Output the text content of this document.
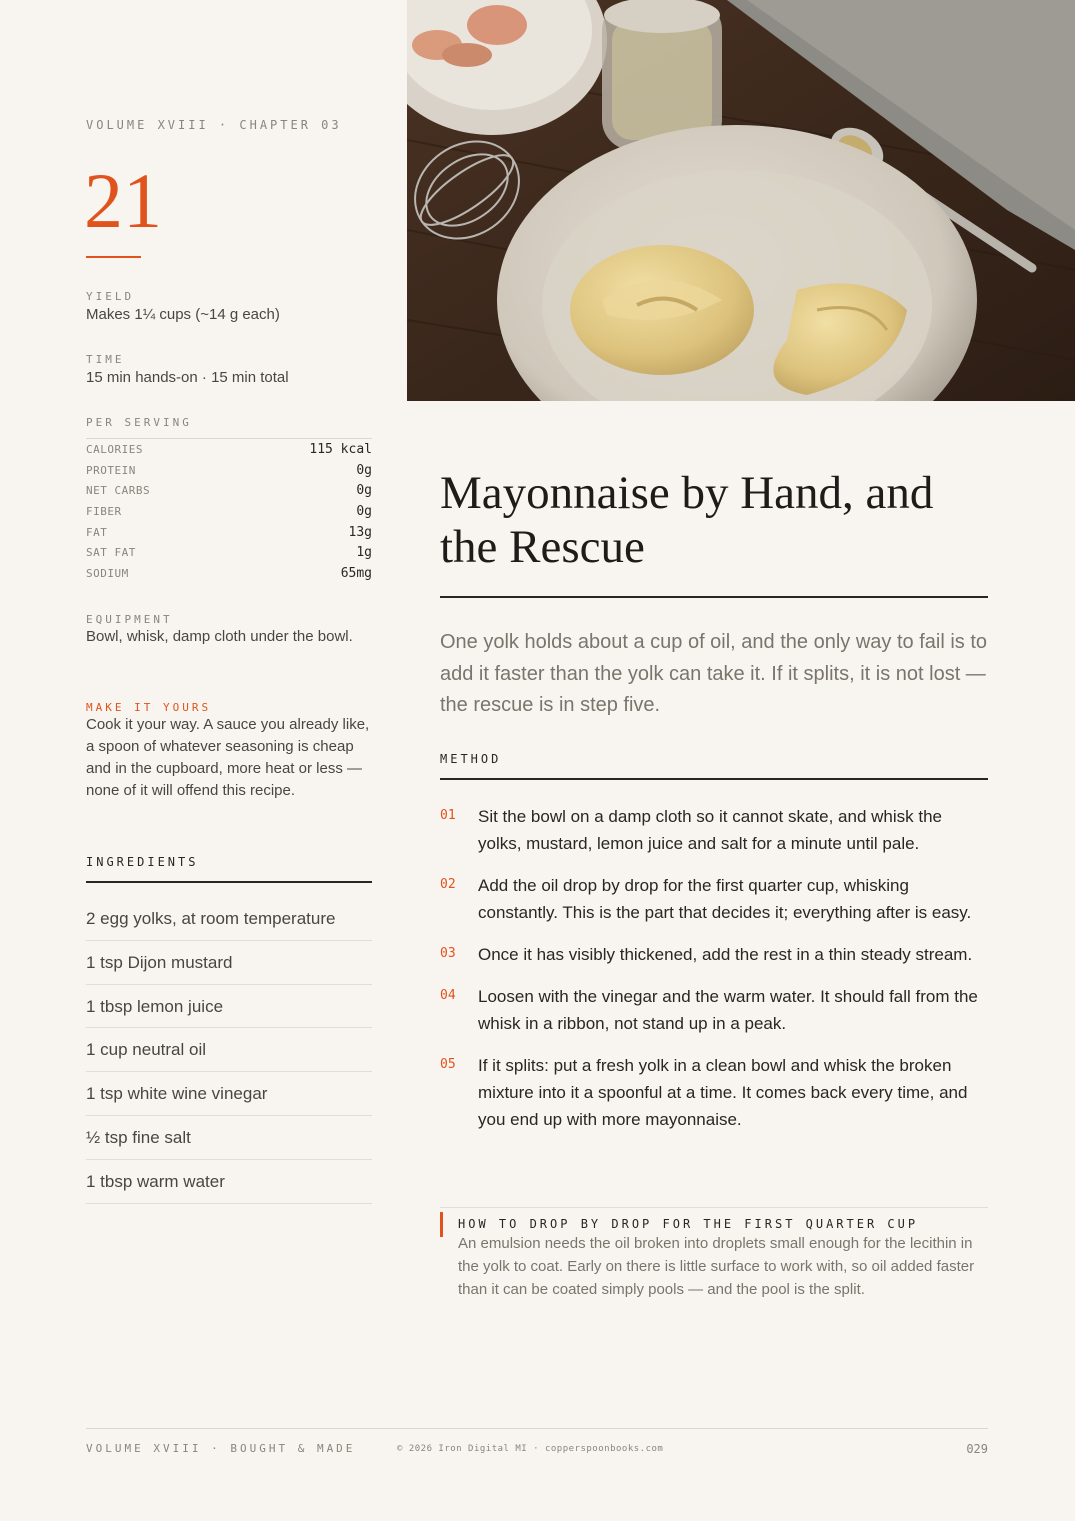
VOLUME XVIII · CHAPTER 03
21
YIELD
Makes 1¼ cups (~14 g each)
TIME
15 min hands-on · 15 min total
PER SERVING
CALORIES	115 kcal
PROTEIN	0g
NET CARBS	0g
FIBER	0g
FAT	13g
SAT FAT	1g
SODIUM	65mg
EQUIPMENT
Bowl, whisk, damp cloth under the bowl.
MAKE IT YOURS
Cook it your way. A sauce you already like, a spoon of whatever seasoning is cheap and in the cupboard, more heat or less — none of it will offend this recipe.
INGREDIENTS
2 egg yolks, at room temperature
1 tsp Dijon mustard
1 tbsp lemon juice
1 cup neutral oil
1 tsp white wine vinegar
½ tsp fine salt
1 tbsp warm water
Mayonnaise by Hand, and the Rescue

One yolk holds about a cup of oil, and the only way to fail is to add it faster than the yolk can take it. If it splits, it is not lost — the rescue is in step five.

METHOD
01	Sit the bowl on a damp cloth so it cannot skate, and whisk the yolks, mustard, lemon juice and salt for a minute until pale.
02	Add the oil drop by drop for the first quarter cup, whisking constantly. This is the part that decides it; everything after is easy.
03	Once it has visibly thickened, add the rest in a thin steady stream.
04	Loosen with the vinegar and the warm water. It should fall from the whisk in a ribbon, not stand up in a peak.
05	If it splits: put a fresh yolk in a clean bowl and whisk the broken mixture into it a spoonful at a time. It comes back every time, and you end up with more mayonnaise.
HOW TO DROP BY DROP FOR THE FIRST QUARTER CUP
An emulsion needs the oil broken into droplets small enough for the lecithin in the yolk to coat. Early on there is little surface to work with, so oil added faster than it can be coated simply pools — and the pool is the split.
VOLUME XVIII · BOUGHT & MADE	© 2026 Iron Digital MI · copperspoonbooks.com	029
